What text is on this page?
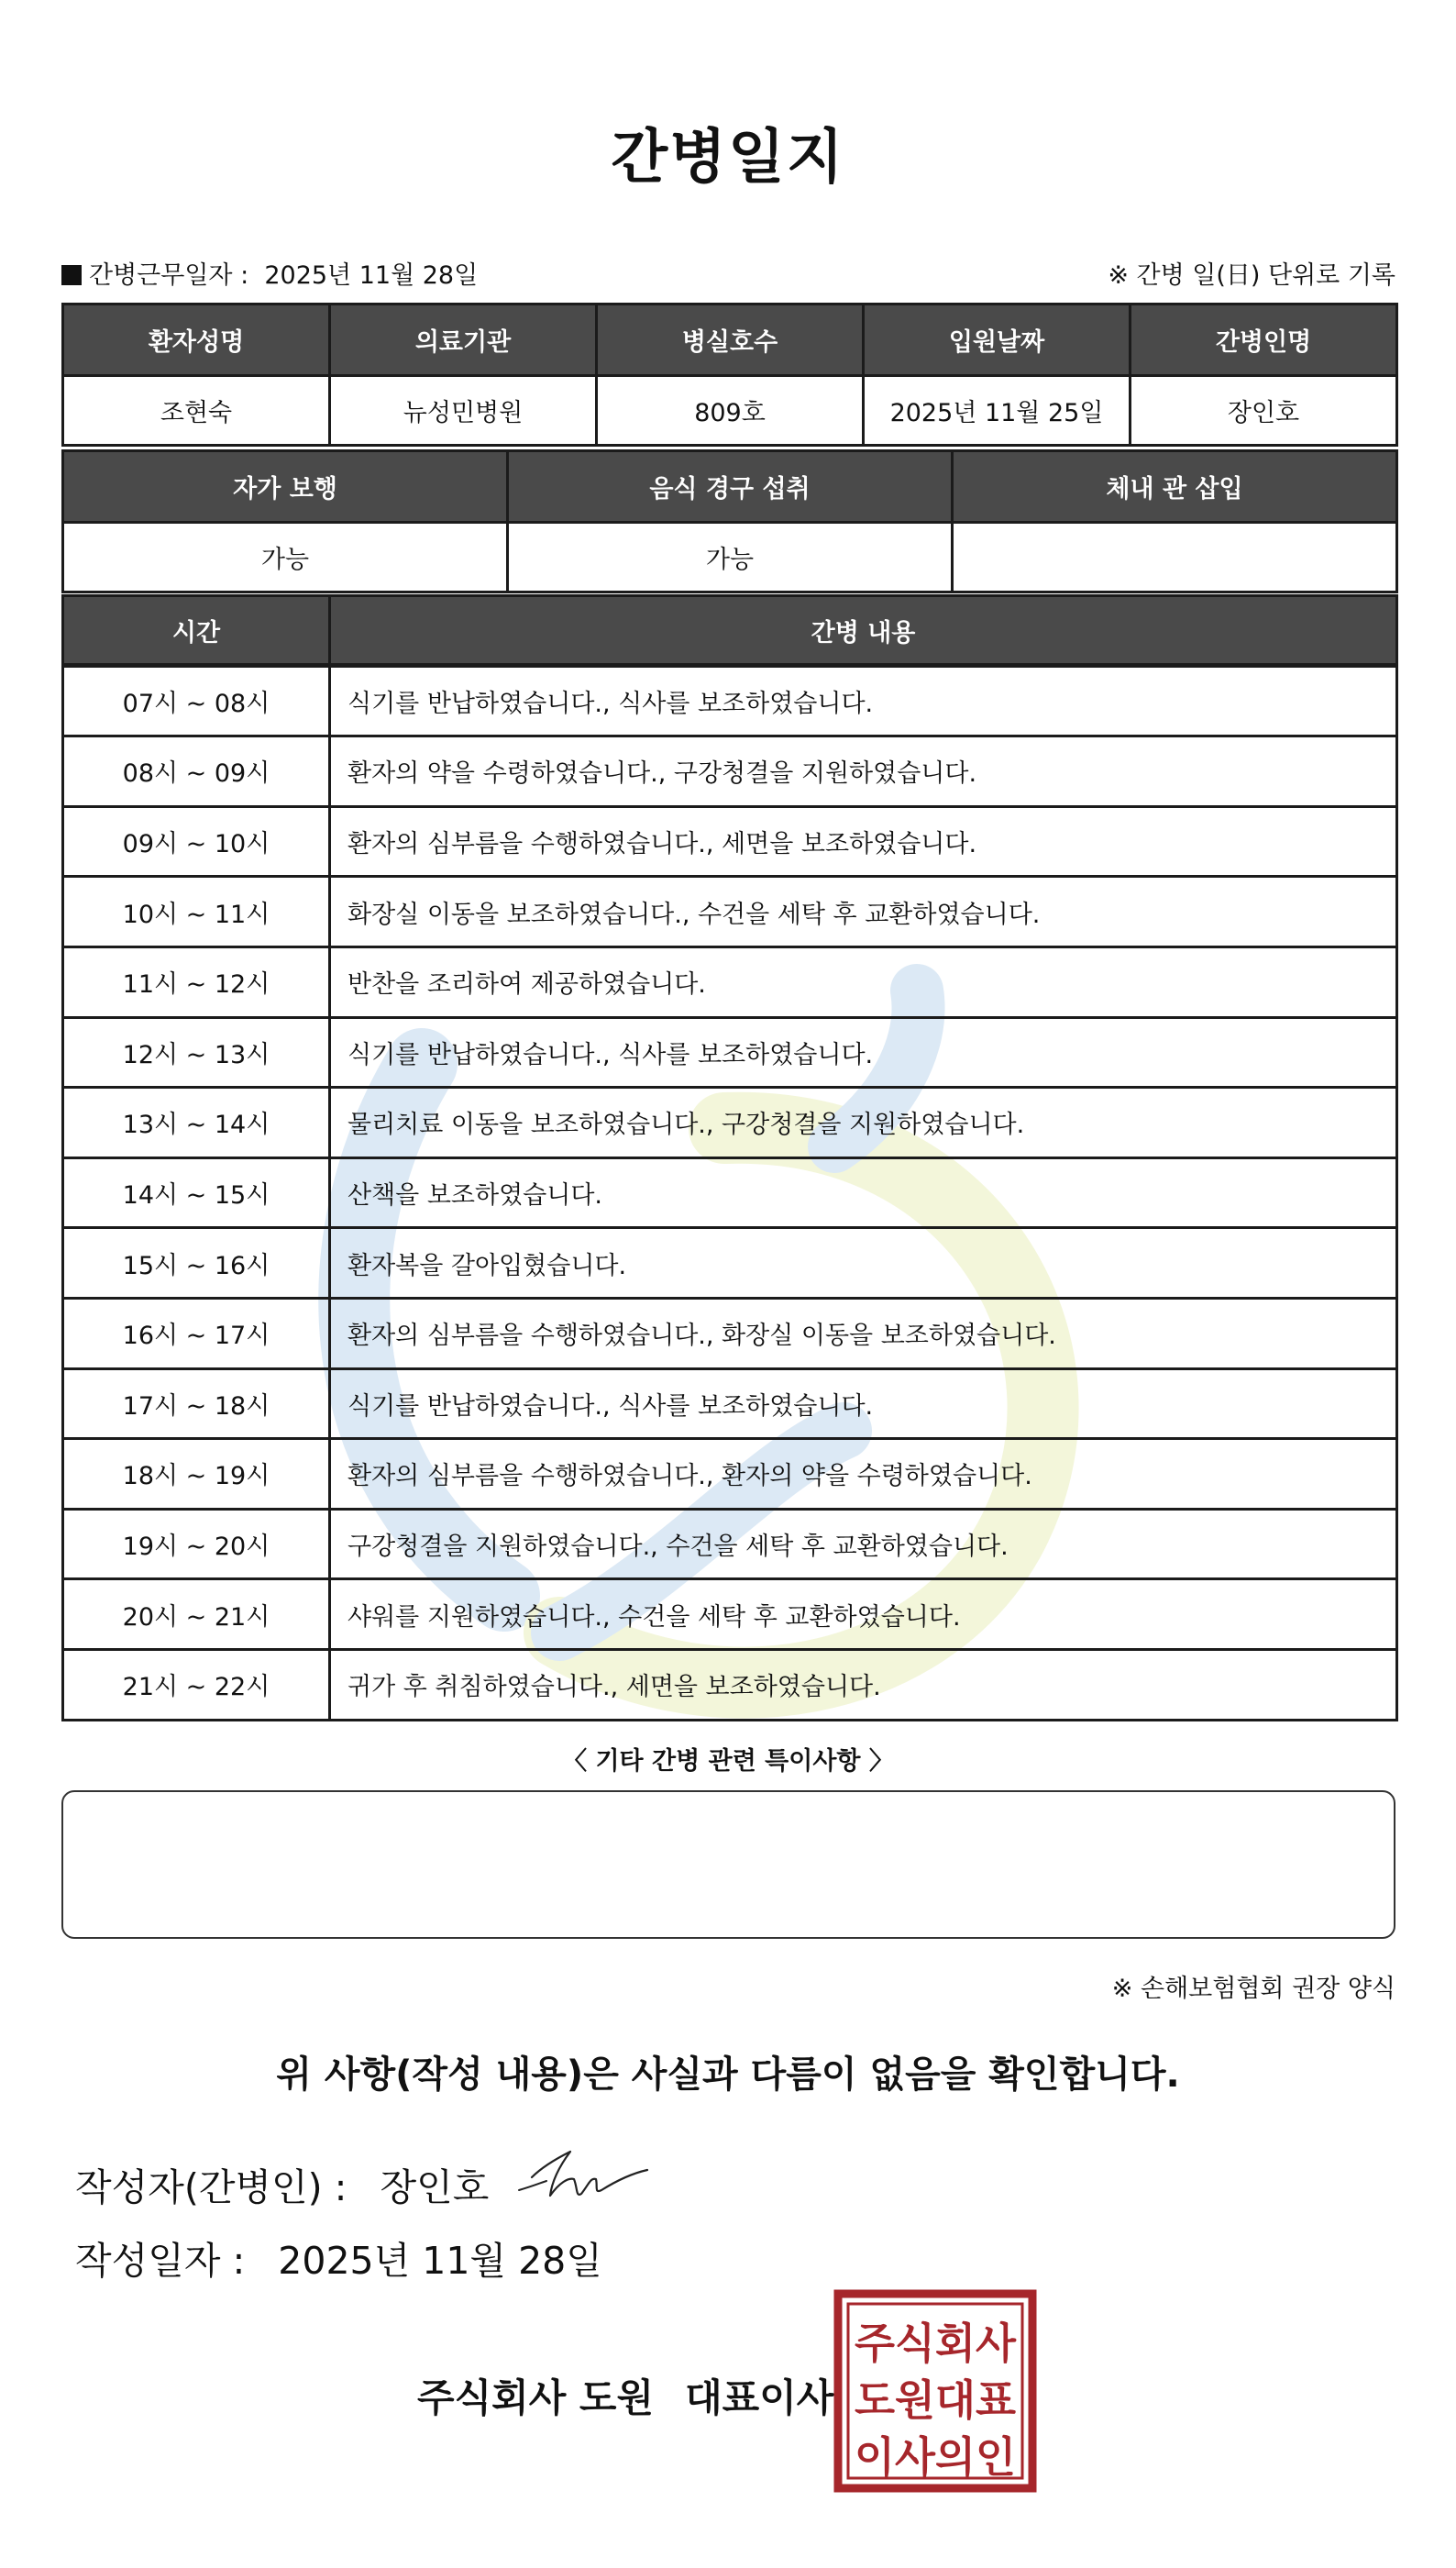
간병일지
간병근무일자 : 2025년 11월 28일	※ 간병 일(日) 단위로 기록
환자성명	의료기관	병실호수	입원날짜	간병인명
조현숙	뉴성민병원	809호	2025년 11월 25일	장인호
자가 보행	음식 경구 섭취	체내 관 삽입
가능	가능
시간	간병 내용
07시 ~ 08시	식기를 반납하였습니다., 식사를 보조하였습니다.
08시 ~ 09시	환자의 약을 수령하였습니다., 구강청결을 지원하였습니다.
09시 ~ 10시	환자의 심부름을 수행하였습니다., 세면을 보조하였습니다.
10시 ~ 11시	화장실 이동을 보조하였습니다., 수건을 세탁 후 교환하였습니다.
11시 ~ 12시	반찬을 조리하여 제공하였습니다.
12시 ~ 13시	식기를 반납하였습니다., 식사를 보조하였습니다.
13시 ~ 14시	물리치료 이동을 보조하였습니다., 구강청결을 지원하였습니다.
14시 ~ 15시	산책을 보조하였습니다.
15시 ~ 16시	환자복을 갈아입혔습니다.
16시 ~ 17시	환자의 심부름을 수행하였습니다., 화장실 이동을 보조하였습니다.
17시 ~ 18시	식기를 반납하였습니다., 식사를 보조하였습니다.
18시 ~ 19시	환자의 심부름을 수행하였습니다., 환자의 약을 수령하였습니다.
19시 ~ 20시	구강청결을 지원하였습니다., 수건을 세탁 후 교환하였습니다.
20시 ~ 21시	샤워를 지원하였습니다., 수건을 세탁 후 교환하였습니다.
21시 ~ 22시	귀가 후 취침하였습니다., 세면을 보조하였습니다.
〈 기타 간병 관련 특이사항 〉
※ 손해보험협회 권장 양식
위 사항(작성 내용)은 사실과 다름이 없음을 확인합니다.
작성자(간병인) : 장인호
작성일자 : 2025년 11월 28일
주식회사 도원 대표이사
주식회사
도원대표
이사의인
